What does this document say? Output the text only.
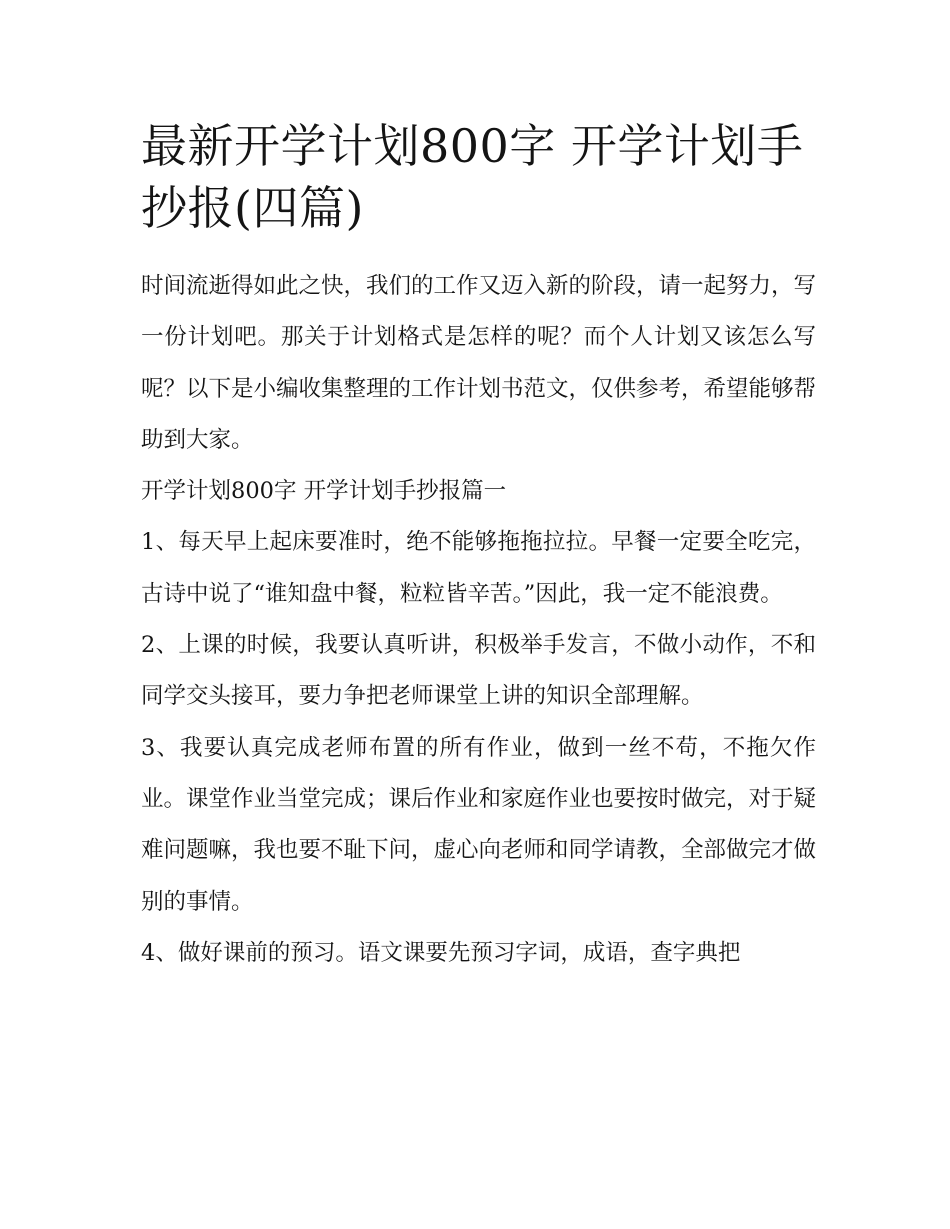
最新开学计划800字 开学计划手抄报(四篇)

时间流逝得如此之快，我们的工作又迈入新的阶段，请一起努力，写一份计划吧。那关于计划格式是怎样的呢？而个人计划又该怎么写呢？以下是小编收集整理的工作计划书范文，仅供参考，希望能够帮助到大家。

开学计划800字 开学计划手抄报篇一

1、每天早上起床要准时，绝不能够拖拖拉拉。早餐一定要全吃完，古诗中说了“谁知盘中餐，粒粒皆辛苦。”因此，我一定不能浪费。

2、上课的时候，我要认真听讲，积极举手发言，不做小动作，不和同学交头接耳，要力争把老师课堂上讲的知识全部理解。

3、我要认真完成老师布置的所有作业，做到一丝不苟，不拖欠作业。课堂作业当堂完成；课后作业和家庭作业也要按时做完，对于疑难问题嘛，我也要不耻下问，虚心向老师和同学请教，全部做完才做别的事情。

4、做好课前的预习。语文课要先预习字词，成语，查字典把
